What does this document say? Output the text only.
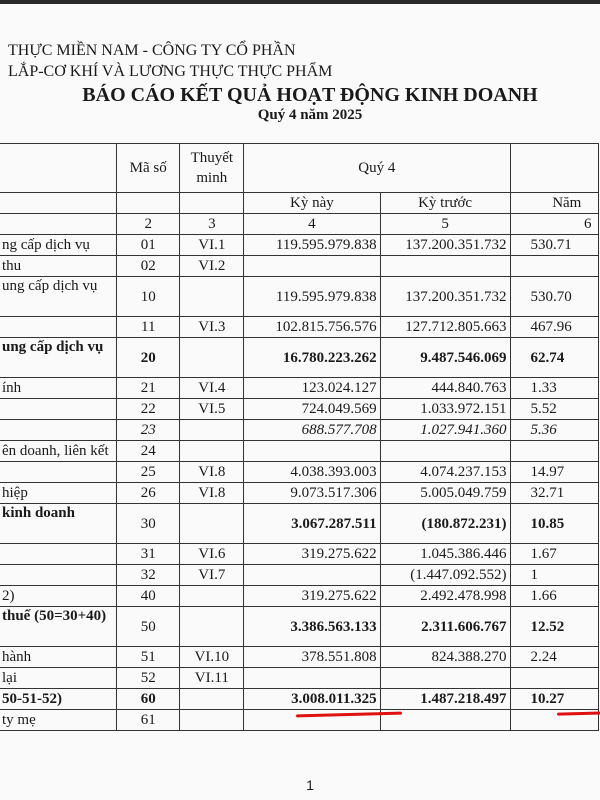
THỰC MIỀN NAM - CÔNG TY CỔ PHẦN
LẮP-CƠ KHÍ VÀ LƯƠNG THỰC THỰC PHẨM
BÁO CÁO KẾT QUẢ HOẠT ĐỘNG KINH DOANH
Quý 4 năm 2025
	Mã số	Thuyết minh	Quý 4		
			Kỳ này	Kỳ trước	Năm
	2	3	4	5	6
ng cấp dịch vụ	01	VI.1	119.595.979.838	137.200.351.732	530.71
thu	02	VI.2			
ung cấp dịch vụ	10		119.595.979.838	137.200.351.732	530.70
	11	VI.3	102.815.756.576	127.712.805.663	467.96
ung cấp dịch vụ	20		16.780.223.262	9.487.546.069	62.74
ính	21	VI.4	123.024.127	444.840.763	1.33
	22	VI.5	724.049.569	1.033.972.151	5.52
	23		688.577.708	1.027.941.360	5.36
ên doanh, liên kết	24				
	25	VI.8	4.038.393.003	4.074.237.153	14.97
hiệp	26	VI.8	9.073.517.306	5.005.049.759	32.71
kinh doanh	30		3.067.287.511	(180.872.231)	10.85
	31	VI.6	319.275.622	1.045.386.446	1.67
	32	VI.7		(1.447.092.552)	1
2)	40		319.275.622	2.492.478.998	1.66
thuế (50=30+40)	50		3.386.563.133	2.311.606.767	12.52
hành	51	VI.10	378.551.808	824.388.270	2.24
lại	52	VI.11			
50-51-52)	60		3.008.011.325	1.487.218.497	10.27
ty mẹ	61				
1
